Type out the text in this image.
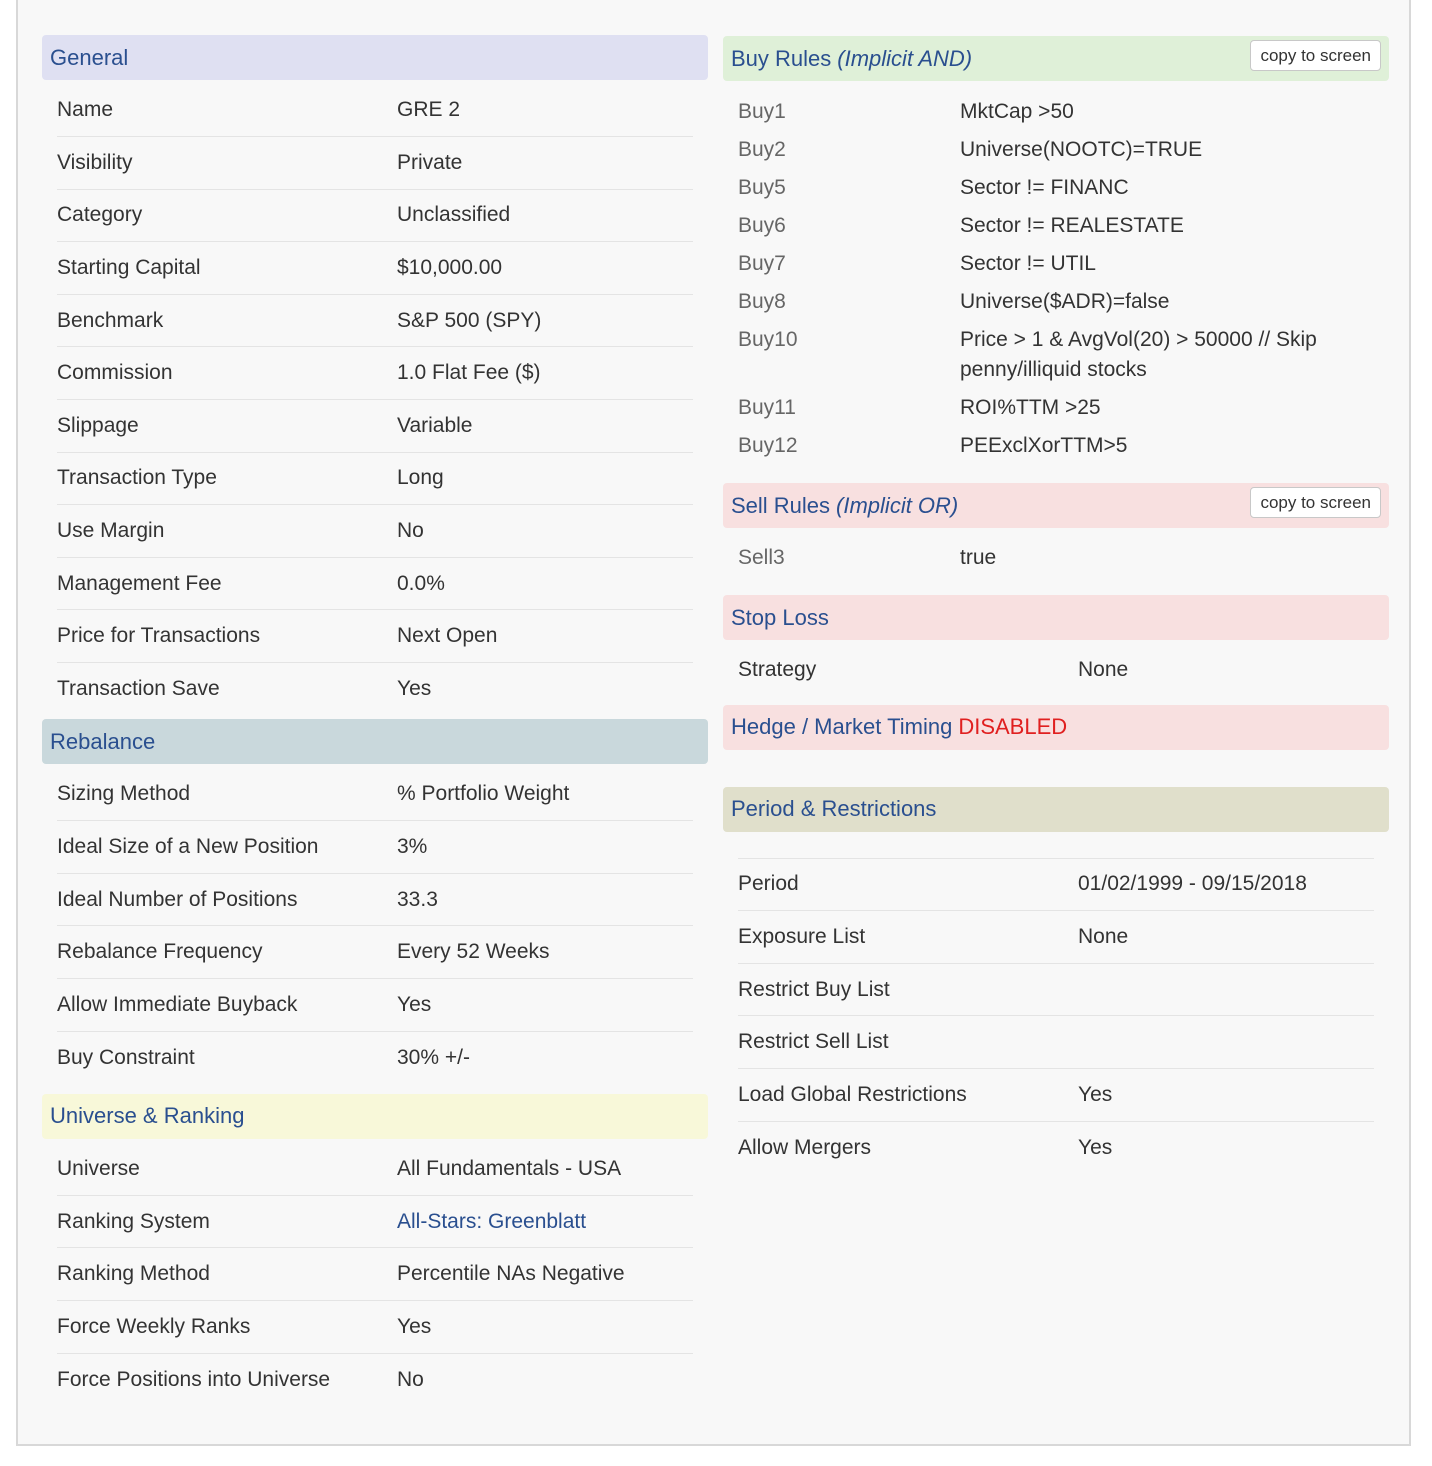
General
Name	GRE 2
Visibility	Private
Category	Unclassified
Starting Capital	$10,000.00
Benchmark	S&P 500 (SPY)
Commission	1.0 Flat Fee ($)
Slippage	Variable
Transaction Type	Long
Use Margin	No
Management Fee	0.0%
Price for Transactions	Next Open
Transaction Save	Yes
Rebalance
Sizing Method	% Portfolio Weight
Ideal Size of a New Position	3%
Ideal Number of Positions	33.3
Rebalance Frequency	Every 52 Weeks
Allow Immediate Buyback	Yes
Buy Constraint	30% +/-
Universe & Ranking
Universe	All Fundamentals - USA
Ranking System	All-Stars: Greenblatt
Ranking Method	Percentile NAs Negative
Force Weekly Ranks	Yes
Force Positions into Universe	No
Buy Rules (Implicit AND)	copy to screen
Buy1	MktCap >50
Buy2	Universe(NOOTC)=TRUE
Buy5	Sector != FINANC
Buy6	Sector != REALESTATE
Buy7	Sector != UTIL
Buy8	Universe($ADR)=false
Buy10	Price > 1 & AvgVol(20) > 50000 // Skip penny/illiquid stocks
Buy11	ROI%TTM >25
Buy12	PEExclXorTTM>5
Sell Rules (Implicit OR)	copy to screen
Sell3	true
Stop Loss
Strategy	None
Hedge / Market Timing DISABLED
Period & Restrictions
Period	01/02/1999 - 09/15/2018
Exposure List	None
Restrict Buy List	
Restrict Sell List	
Load Global Restrictions	Yes
Allow Mergers	Yes
